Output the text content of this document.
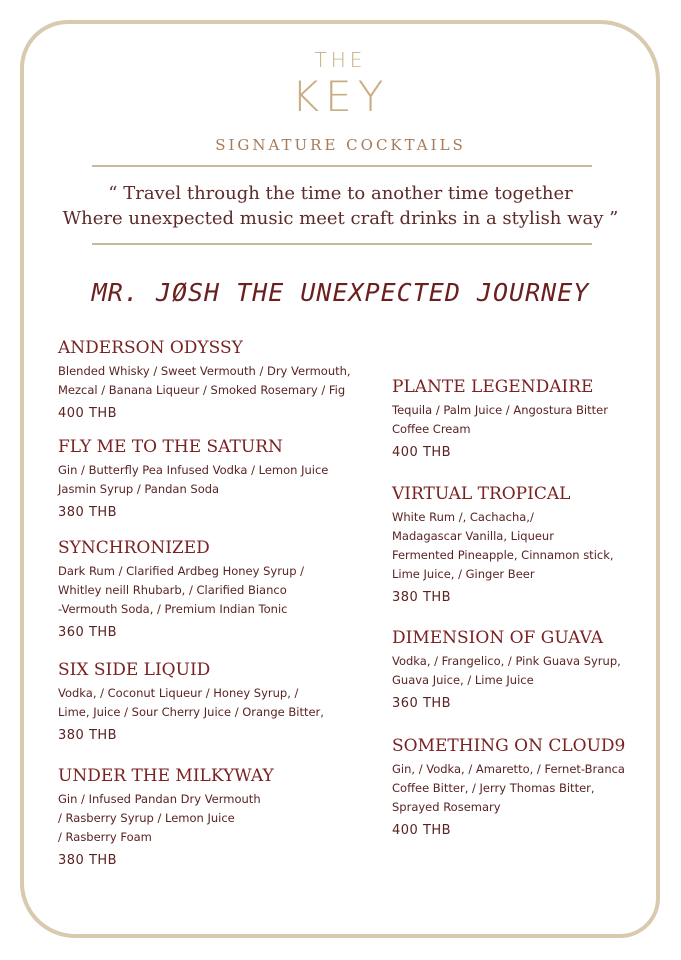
THE
KEY
SIGNATURE COCKTAILS
“ Travel through the time to another time together
Where unexpected music meet craft drinks in a stylish way ”
MR. JØSH THE UNEXPECTED JOURNEY
ANDERSON ODYSSY
Blended Whisky / Sweet Vermouth / Dry Vermouth,
Mezcal / Banana Liqueur / Smoked Rosemary / Fig
400 THB
FLY ME TO THE SATURN
Gin / Butterfly Pea Infused Vodka / Lemon Juice
Jasmin Syrup / Pandan Soda
380 THB
SYNCHRONIZED
Dark Rum / Clarified Ardbeg Honey Syrup /
Whitley neill Rhubarb, / Clarified Bianco
-Vermouth Soda, / Premium Indian Tonic
360 THB
SIX SIDE LIQUID
Vodka, / Coconut Liqueur / Honey Syrup, /
Lime, Juice / Sour Cherry Juice / Orange Bitter,
380 THB
UNDER THE MILKYWAY
Gin / Infused Pandan Dry Vermouth
/ Rasberry Syrup / Lemon Juice
/ Rasberry Foam
380 THB
PLANTE LEGENDAIRE
Tequila / Palm Juice / Angostura Bitter
Coffee Cream
400 THB
VIRTUAL TROPICAL
White Rum /, Cachacha,/
Madagascar Vanilla, Liqueur
Fermented Pineapple, Cinnamon stick,
Lime Juice, / Ginger Beer
380 THB
DIMENSION OF GUAVA
Vodka, / Frangelico, / Pink Guava Syrup,
Guava Juice, / Lime Juice
360 THB
SOMETHING ON CLOUD9
Gin, / Vodka, / Amaretto, / Fernet-Branca
Coffee Bitter, / Jerry Thomas Bitter,
Sprayed Rosemary
400 THB
